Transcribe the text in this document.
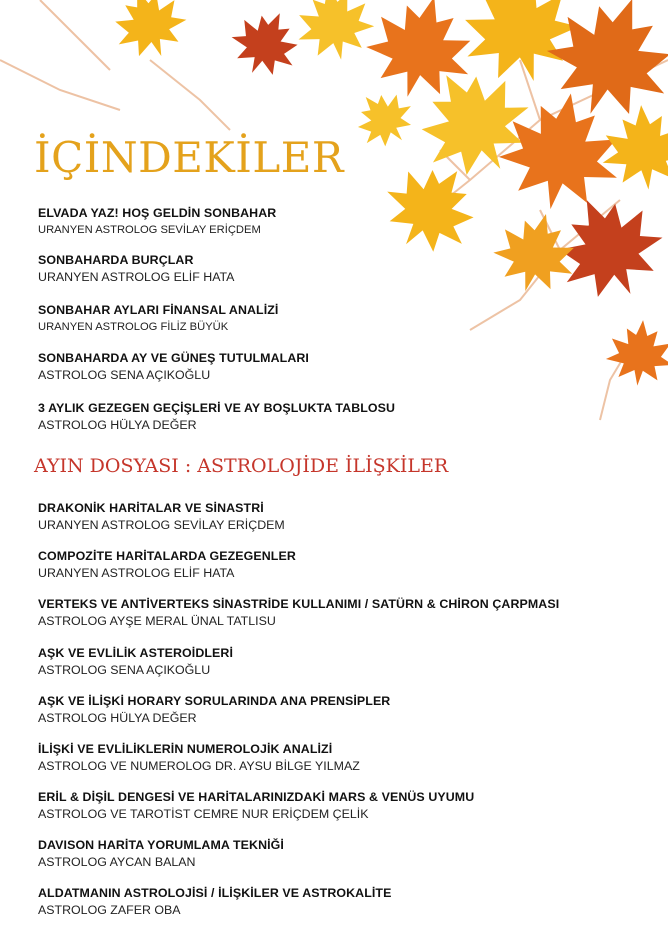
İÇİNDEKİLER
ELVADA YAZ! HOŞ GELDİN SONBAHAR
URANYEN ASTROLOG SEVİLAY ERİÇDEM
SONBAHARDA BURÇLAR
URANYEN ASTROLOG ELİF HATA
SONBAHAR AYLARI FİNANSAL ANALİZİ
URANYEN ASTROLOG FİLİZ BÜYÜK
SONBAHARDA AY VE GÜNEŞ TUTULMALARI
ASTROLOG SENA AÇIKOĞLU
3 AYLIK GEZEGEN GEÇİŞLERİ VE AY BOŞLUKTA TABLOSU
ASTROLOG HÜLYA DEĞER
AYIN DOSYASI : ASTROLOJİDE İLİŞKİLER
DRAKONİK HARİTALAR VE SİNASTRİ
URANYEN ASTROLOG SEVİLAY ERİÇDEM
COMPOZİTE HARİTALARDA GEZEGENLER
URANYEN ASTROLOG ELİF HATA
VERTEKS VE ANTİVERTEKS SİNASTRİDE KULLANIMI / SATÜRN & CHİRON ÇARPMASI
ASTROLOG AYŞE MERAL ÜNAL TATLISU
AŞK VE EVLİLİK ASTEROİDLERİ
ASTROLOG SENA AÇIKOĞLU
AŞK VE İLİŞKİ HORARY SORULARINDA ANA PRENSİPLER
ASTROLOG HÜLYA DEĞER
İLİŞKİ VE EVLİLİKLERİN NUMEROLOJİK ANALİZİ
ASTROLOG VE NUMEROLOG DR. AYSU BİLGE YILMAZ
ERİL & DİŞİL DENGESİ VE HARİTALARINIZDAKİ MARS & VENÜS UYUMU
ASTROLOG VE TAROTİST CEMRE NUR ERİÇDEM ÇELİK
DAVISON HARİTA YORUMLAMA TEKNİĞİ
ASTROLOG AYCAN BALAN
ALDATMANIN ASTROLOJİSİ / İLİŞKİLER VE ASTROKALİTE
ASTROLOG ZAFER OBA
